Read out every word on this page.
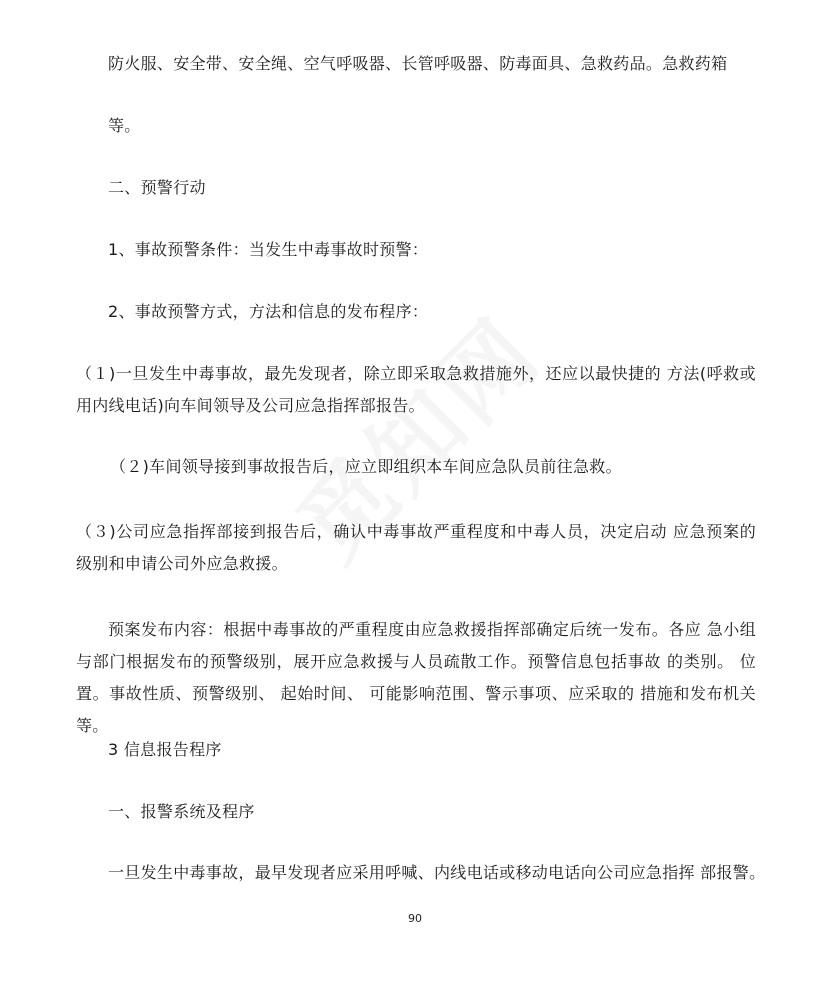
防火服、安全带、安全绳、空气呼吸器、长管呼吸器、防毒面具、急救药品。急救药箱
等。
二、预警行动
1、事故预警条件：当发生中毒事故时预警：
2、事故预警方式，方法和信息的发布程序：
（１)一旦发生中毒事故，最先发现者，除立即采取急救措施外，还应以最快捷的 方法(呼救或用内线电话)向车间领导及公司应急指挥部报告。
（２)车间领导接到事故报告后，应立即组织本车间应急队员前往急救。
（３)公司应急指挥部接到报告后，确认中毒事故严重程度和中毒人员，决定启动 应急预案的级别和申请公司外应急救援。
预案发布内容：根据中毒事故的严重程度由应急救援指挥部确定后统一发布。各应 急小组与部门根据发布的预警级别，展开应急救援与人员疏散工作。预警信息包括事故 的类别。 位置。事故性质、预警级别、 起始时间、 可能影响范围、警示事项、应采取的 措施和发布机关等。
3 信息报告程序
一、报警系统及程序
一旦发生中毒事故，最早发现者应采用呼喊、内线电话或移动电话向公司应急指挥 部报警。
90
